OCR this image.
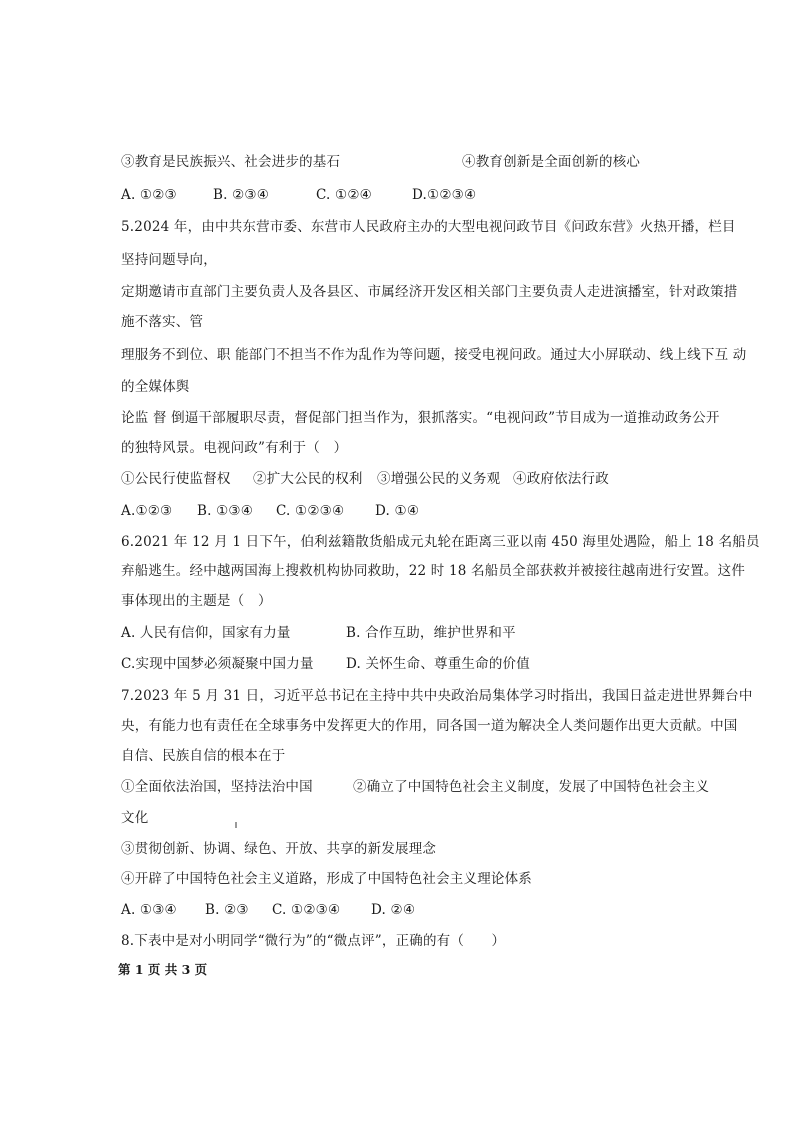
③教育是民族振兴、社会进步的基石	④教育创新是全面创新的核心
A. ①②③	B. ②③④	C. ①②④	D.①②③④
5.2024 年，由中共东营市委、东营市人民政府主办的大型电视问政节目《问政东营》火热开播，栏目
坚持问题导向，
定期邀请市直部门主要负责人及各县区、市属经济开发区相关部门主要负责人走进演播室，针对政策措
施不落实、管
理服务不到位、职 能部门不担当不作为乱作为等问题，接受电视问政。通过大小屏联动、线上线下互 动
的全媒体舆
论监 督 倒逼干部履职尽责，督促部门担当作为，狠抓落实。“电视问政”节目成为一道推动政务公开
的独特风景。电视问政”有利于（　）
①公民行使监督权 ②扩大公民的权利 ③增强公民的义务观 ④政府依法行政
A.①②③ B. ①③④ C. ①②③④ D. ①④
6.2021 年 12 月 1 日下午，伯利兹籍散货船成元丸轮在距离三亚以南 450 海里处遇险，船上 18 名船员
弃船逃生。经中越两国海上搜救机构协同救助，22 时 18 名船员全部获救并被接往越南进行安置。这件
事体现出的主题是（　）
A. 人民有信仰，国家有力量	B. 合作互助，维护世界和平
C.实现中国梦必须凝聚中国力量 D. 关怀生命、尊重生命的价值
7.2023 年 5 月 31 日，习近平总书记在主持中共中央政治局集体学习时指出，我国日益走进世界舞台中
央，有能力也有责任在全球事务中发挥更大的作用，同各国一道为解决全人类问题作出更大贡献。中国
自信、民族自信的根本在于
①全面依法治国，坚持法治中国	②确立了中国特色社会主义制度，发展了中国特色社会主义
文化
③贯彻创新、协调、绿色、开放、共享的新发展理念
④开辟了中国特色社会主义道路，形成了中国特色社会主义理论体系
A. ①③④ B. ②③ C. ①②③④ D. ②④
8.下表中是对小明同学“微行为”的“微点评”，正确的有（　　）
第 1 页 共 3 页
